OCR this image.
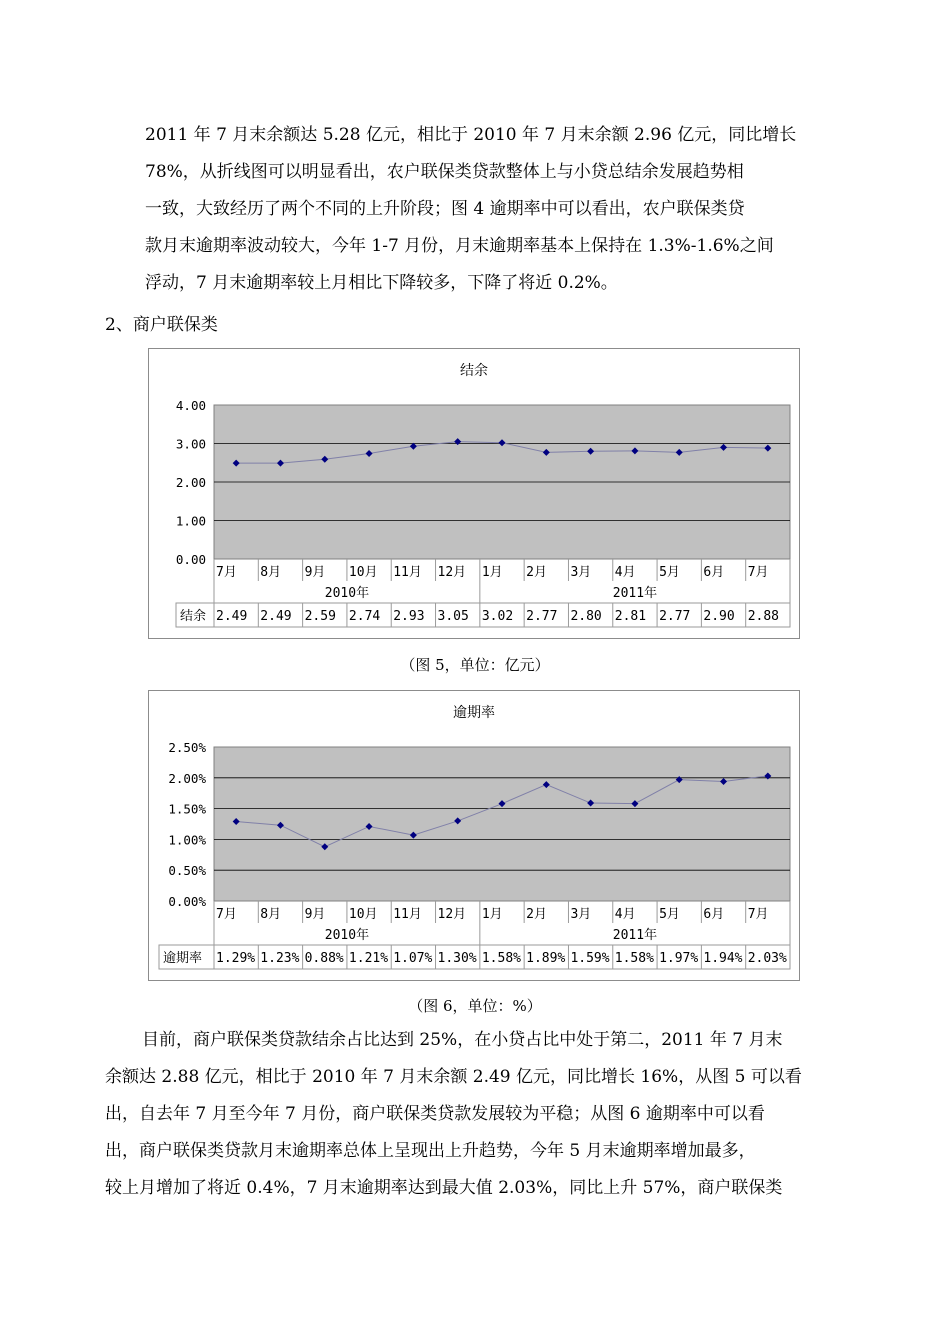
2011 年 7 月末余额达 5.28 亿元，相比于 2010 年 7 月末余额 2.96 亿元，同比增长

78%，从折线图可以明显看出，农户联保类贷款整体上与小贷总结余发展趋势相

一致，大致经历了两个不同的上升阶段；图 4 逾期率中可以看出，农户联保类贷

款月末逾期率波动较大，今年 1-7 月份，月末逾期率基本上保持在 1.3%-1.6%之间

浮动，7 月末逾期率较上月相比下降较多，下降了将近 0.2%。

2、商户联保类
结余
4.00
3.00
2.00
1.00
0.00
7月 8月 9月 10月 11月 12月 1月 2月 3月 4月 5月 6月 7月
2010年	2011年
结余 2.49 2.49 2.59 2.74 2.93 3.05 3.02 2.77 2.80 2.81 2.77 2.90 2.88
（图 5，单位：亿元）
逾期率
2.50%
2.00%
1.50%
1.00%
0.50%
0.00%
7月 8月 9月 10月 11月 12月 1月 2月 3月 4月 5月 6月 7月
2010年	2011年
逾期率 1.29% 1.23% 0.88% 1.21% 1.07% 1.30% 1.58% 1.89% 1.59% 1.58% 1.97% 1.94% 2.03%
（图 6，单位：%）

目前，商户联保类贷款结余占比达到 25%，在小贷占比中处于第二，2011 年 7 月末

余额达 2.88 亿元，相比于 2010 年 7 月末余额 2.49 亿元，同比增长 16%，从图 5 可以看

出，自去年 7 月至今年 7 月份，商户联保类贷款发展较为平稳；从图 6 逾期率中可以看

出，商户联保类贷款月末逾期率总体上呈现出上升趋势，今年 5 月末逾期率增加最多，

较上月增加了将近 0.4%，7 月末逾期率达到最大值 2.03%，同比上升 57%，商户联保类
